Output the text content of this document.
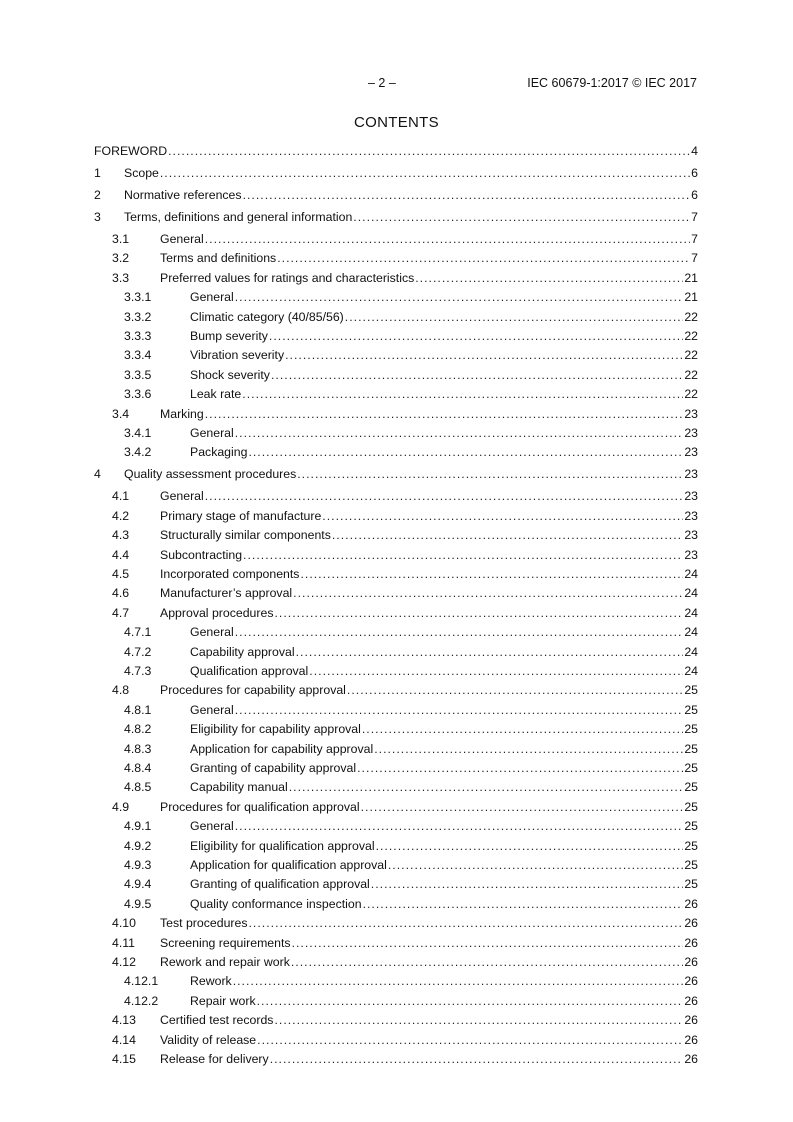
– 2 –	IEC 60679-1:2017 © IEC 2017
CONTENTS
FOREWORD . . .	4
1	Scope . . .	6
2	Normative references . . .	6
3	Terms, definitions and general information . . .	7
3.1	General . . .	7
3.2	Terms and definitions . . .	7
3.3	Preferred values for ratings and characteristics . . .	21
3.3.1	General . . .	21
3.3.2	Climatic category (40/85/56) . . .	22
3.3.3	Bump severity . . .	22
3.3.4	Vibration severity . . .	22
3.3.5	Shock severity . . .	22
3.3.6	Leak rate . . .	22
3.4	Marking . . .	23
3.4.1	General . . .	23
3.4.2	Packaging . . .	23
4	Quality assessment procedures . . .	23
4.1	General . . .	23
4.2	Primary stage of manufacture . . .	23
4.3	Structurally similar components . . .	23
4.4	Subcontracting . . .	23
4.5	Incorporated components . . .	24
4.6	Manufacturer’s approval . . .	24
4.7	Approval procedures . . .	24
4.7.1	General . . .	24
4.7.2	Capability approval . . .	24
4.7.3	Qualification approval . . .	24
4.8	Procedures for capability approval . . .	25
4.8.1	General . . .	25
4.8.2	Eligibility for capability approval . . .	25
4.8.3	Application for capability approval . . .	25
4.8.4	Granting of capability approval . . .	25
4.8.5	Capability manual . . .	25
4.9	Procedures for qualification approval . . .	25
4.9.1	General . . .	25
4.9.2	Eligibility for qualification approval . . .	25
4.9.3	Application for qualification approval . . .	25
4.9.4	Granting of qualification approval . . .	25
4.9.5	Quality conformance inspection . . .	26
4.10	Test procedures . . .	26
4.11	Screening requirements . . .	26
4.12	Rework and repair work . . .	26
4.12.1	Rework . . .	26
4.12.2	Repair work . . .	26
4.13	Certified test records . . .	26
4.14	Validity of release . . .	26
4.15	Release for delivery . . .	26
